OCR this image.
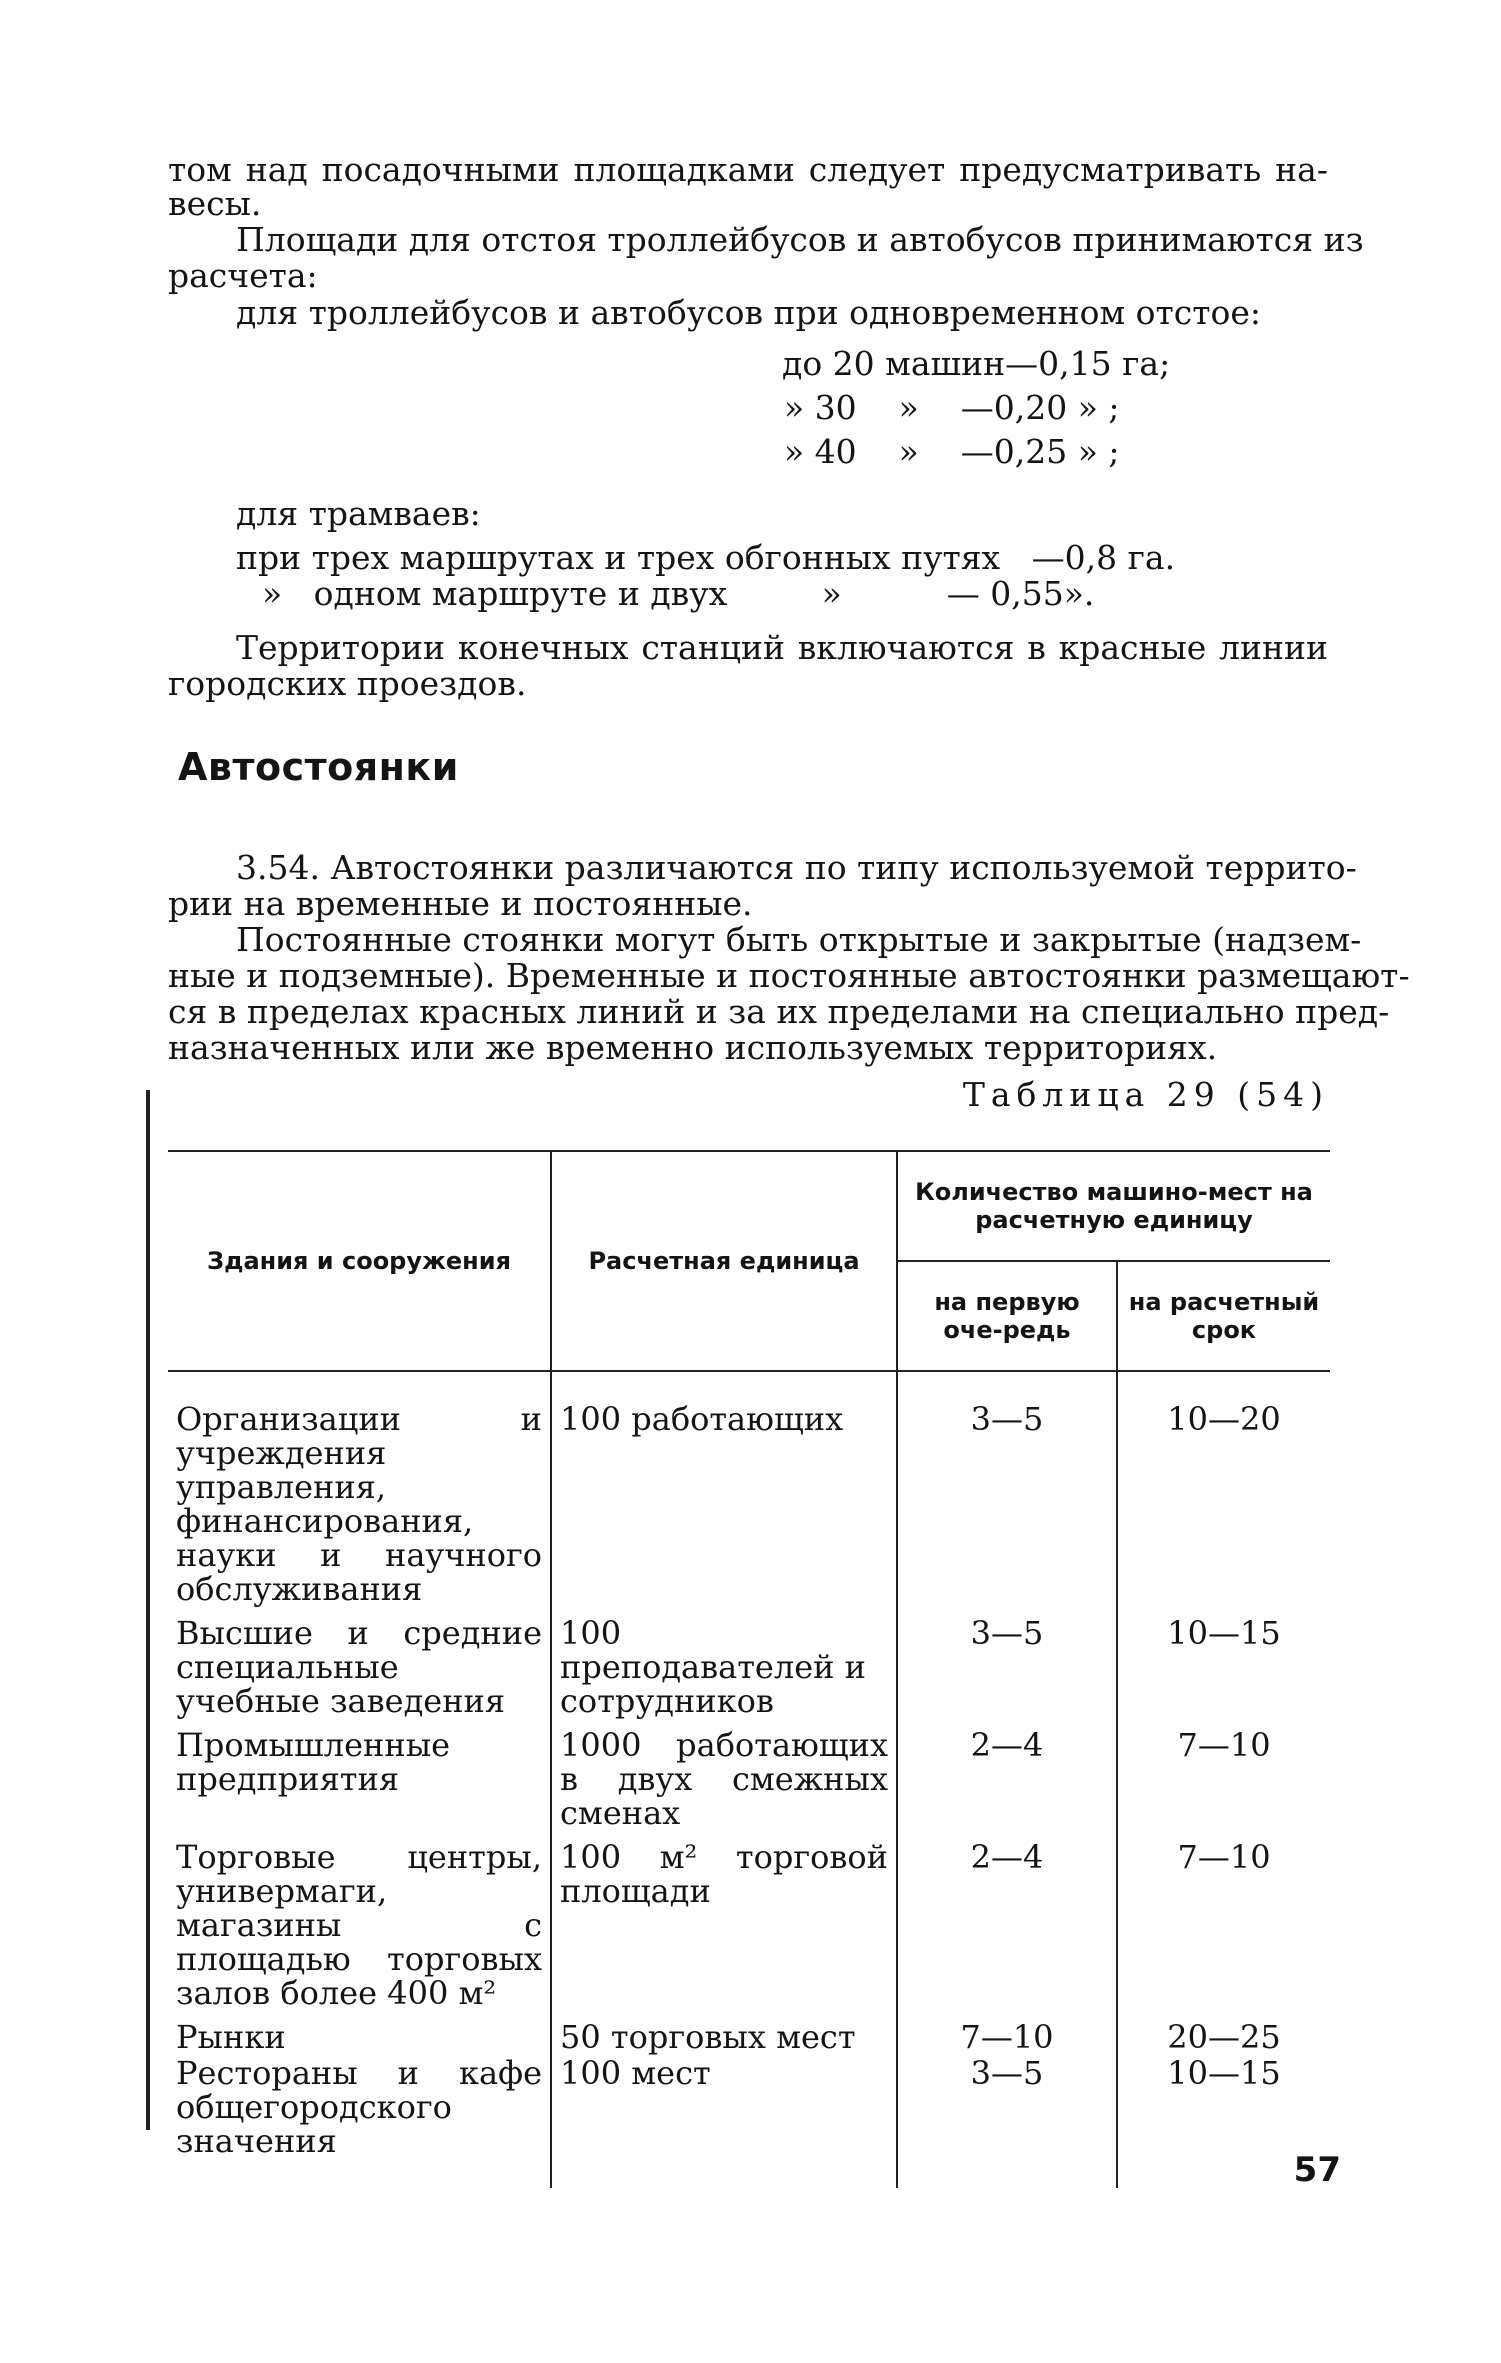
том над посадочными площадками следует предусматривать на-
весы.
Площади для отстоя троллейбусов и автобусов принимаются из
расчета:
для троллейбусов и автобусов при одновременном отстое:
до 20 машин—0,15 га;
» 30    »    —0,20 » ;
» 40    »    —0,25 » ;
для трамваев:
при трех маршрутах и трех обгонных путях   —0,8 га.
»   одном маршруте и двух         »          — 0,55».
Территории конечных станций включаются в красные линии
городских проездов.
Автостоянки
3.54. Автостоянки различаются по типу используемой террито-
рии на временные и постоянные.
Постоянные стоянки могут быть открытые и закрытые (надзем-
ные и подземные). Временные и постоянные автостоянки размещают-
ся в пределах красных линий и за их пределами на специально пред-
назначенных или же временно используемых территориях.
Таблица 29 (54)
Здания и сооружения	Расчетная единица	Количество машино-мест на расчетную единицу	
		на первую оче-редь	на расчетный срок
Организации и учреждения управления, финансирования, науки и научного обслуживания	100 работающих	3—5	10—20
Высшие и средние специальные учебные заведения	100 преподавателей и сотрудников	3—5	10—15
Промышленные предприятия	1000 работающих в двух смежных сменах	2—4	7—10
Торговые центры, универмаги, магазины с площадью торговых залов более 400 м²	100 м² торговой площади	2—4	7—10
Рынки	50 торговых мест	7—10	20—25
Рестораны и кафе общегородского значения	100 мест	3—5	10—15
57
